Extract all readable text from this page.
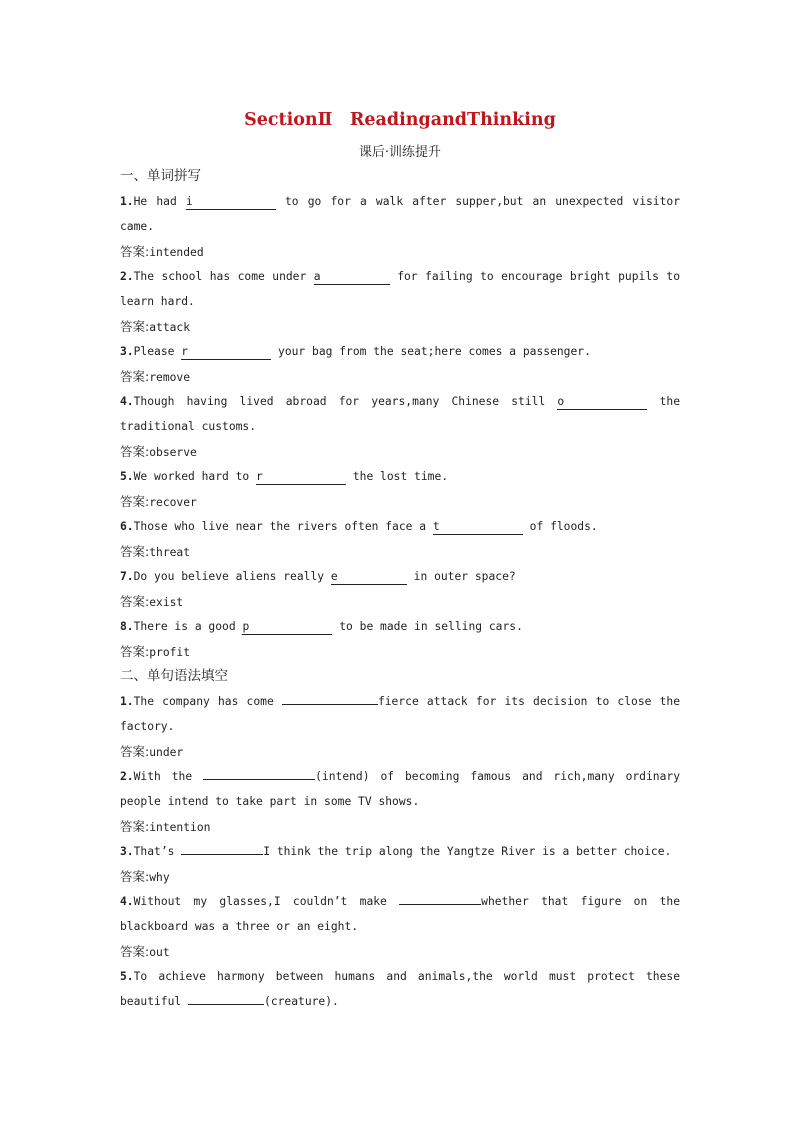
SectionⅡ　ReadingandThinking
课后·训练提升
一、单词拼写
1.He had i	to go for a walk after supper,but an unexpected visitor
came.
答案:intended
2.The school has come under a	for failing to encourage bright pupils to
learn hard.
答案:attack
3.Please r	your bag from the seat;here comes a passenger.
答案:remove
4.Though having lived abroad for years,many Chinese still o	the
traditional customs.
答案:observe
5.We worked hard to r	the lost time.
答案:recover
6.Those who live near the rivers often face a t	of floods.
答案:threat
7.Do you believe aliens really e	in outer space?
答案:exist
8.There is a good p	to be made in selling cars.
答案:profit
二、单句语法填空
1.The company has come	fierce attack for its decision to close the
factory.
答案:under
2.With the	(intend) of becoming famous and rich,many ordinary
people intend to take part in some TV shows.
答案:intention
3.That’s	I think the trip along the Yangtze River is a better choice.
答案:why
4.Without my glasses,I couldn’t make	whether that figure on the
blackboard was a three or an eight.
答案:out
5.To achieve harmony between humans and animals,the world must protect these
beautiful	(creature).
